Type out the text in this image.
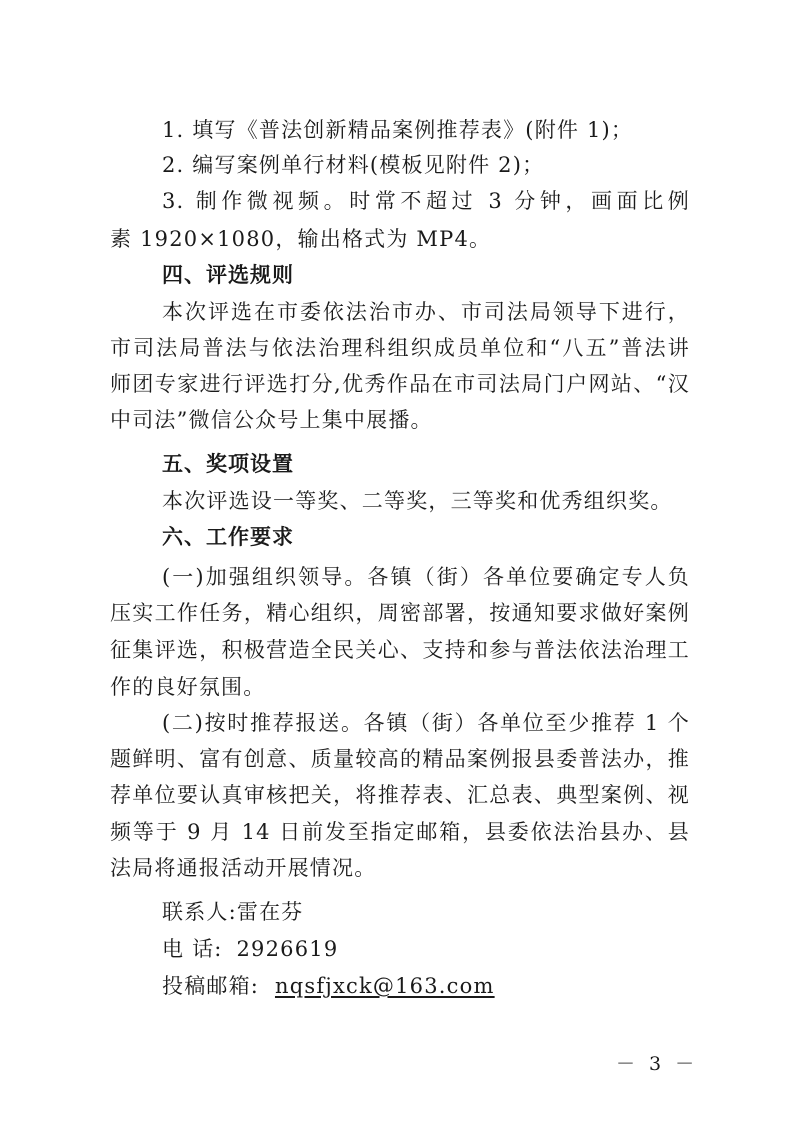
1. 填写《普法创新精品案例推荐表》(附件 1)；
2. 编写案例单行材料(模板见附件 2)；
3. 制作微视频。时常不超过 3 分钟，画面比例
素 1920×1080，输出格式为 MP4。
四、评选规则
本次评选在市委依法治市办、市司法局领导下进行，
市司法局普法与依法治理科组织成员单位和“八五”普法讲
师团专家进行评选打分,优秀作品在市司法局门户网站、“汉
中司法”微信公众号上集中展播。
五、奖项设置
本次评选设一等奖、二等奖，三等奖和优秀组织奖。
六、工作要求
(一)加强组织领导。各镇（街）各单位要确定专人负
压实工作任务，精心组织，周密部署，按通知要求做好案例
征集评选，积极营造全民关心、支持和参与普法依法治理工
作的良好氛围。
(二)按时推荐报送。各镇（街）各单位至少推荐 1 个
题鲜明、富有创意、质量较高的精品案例报县委普法办，推
荐单位要认真审核把关，将推荐表、汇总表、典型案例、视
频等于 9 月 14 日前发至指定邮箱，县委依法治县办、县
法局将通报活动开展情况。
联系人:雷在芬
电 话: 2926619
投稿邮箱: nqsfjxck@163.com
－ 3 －
